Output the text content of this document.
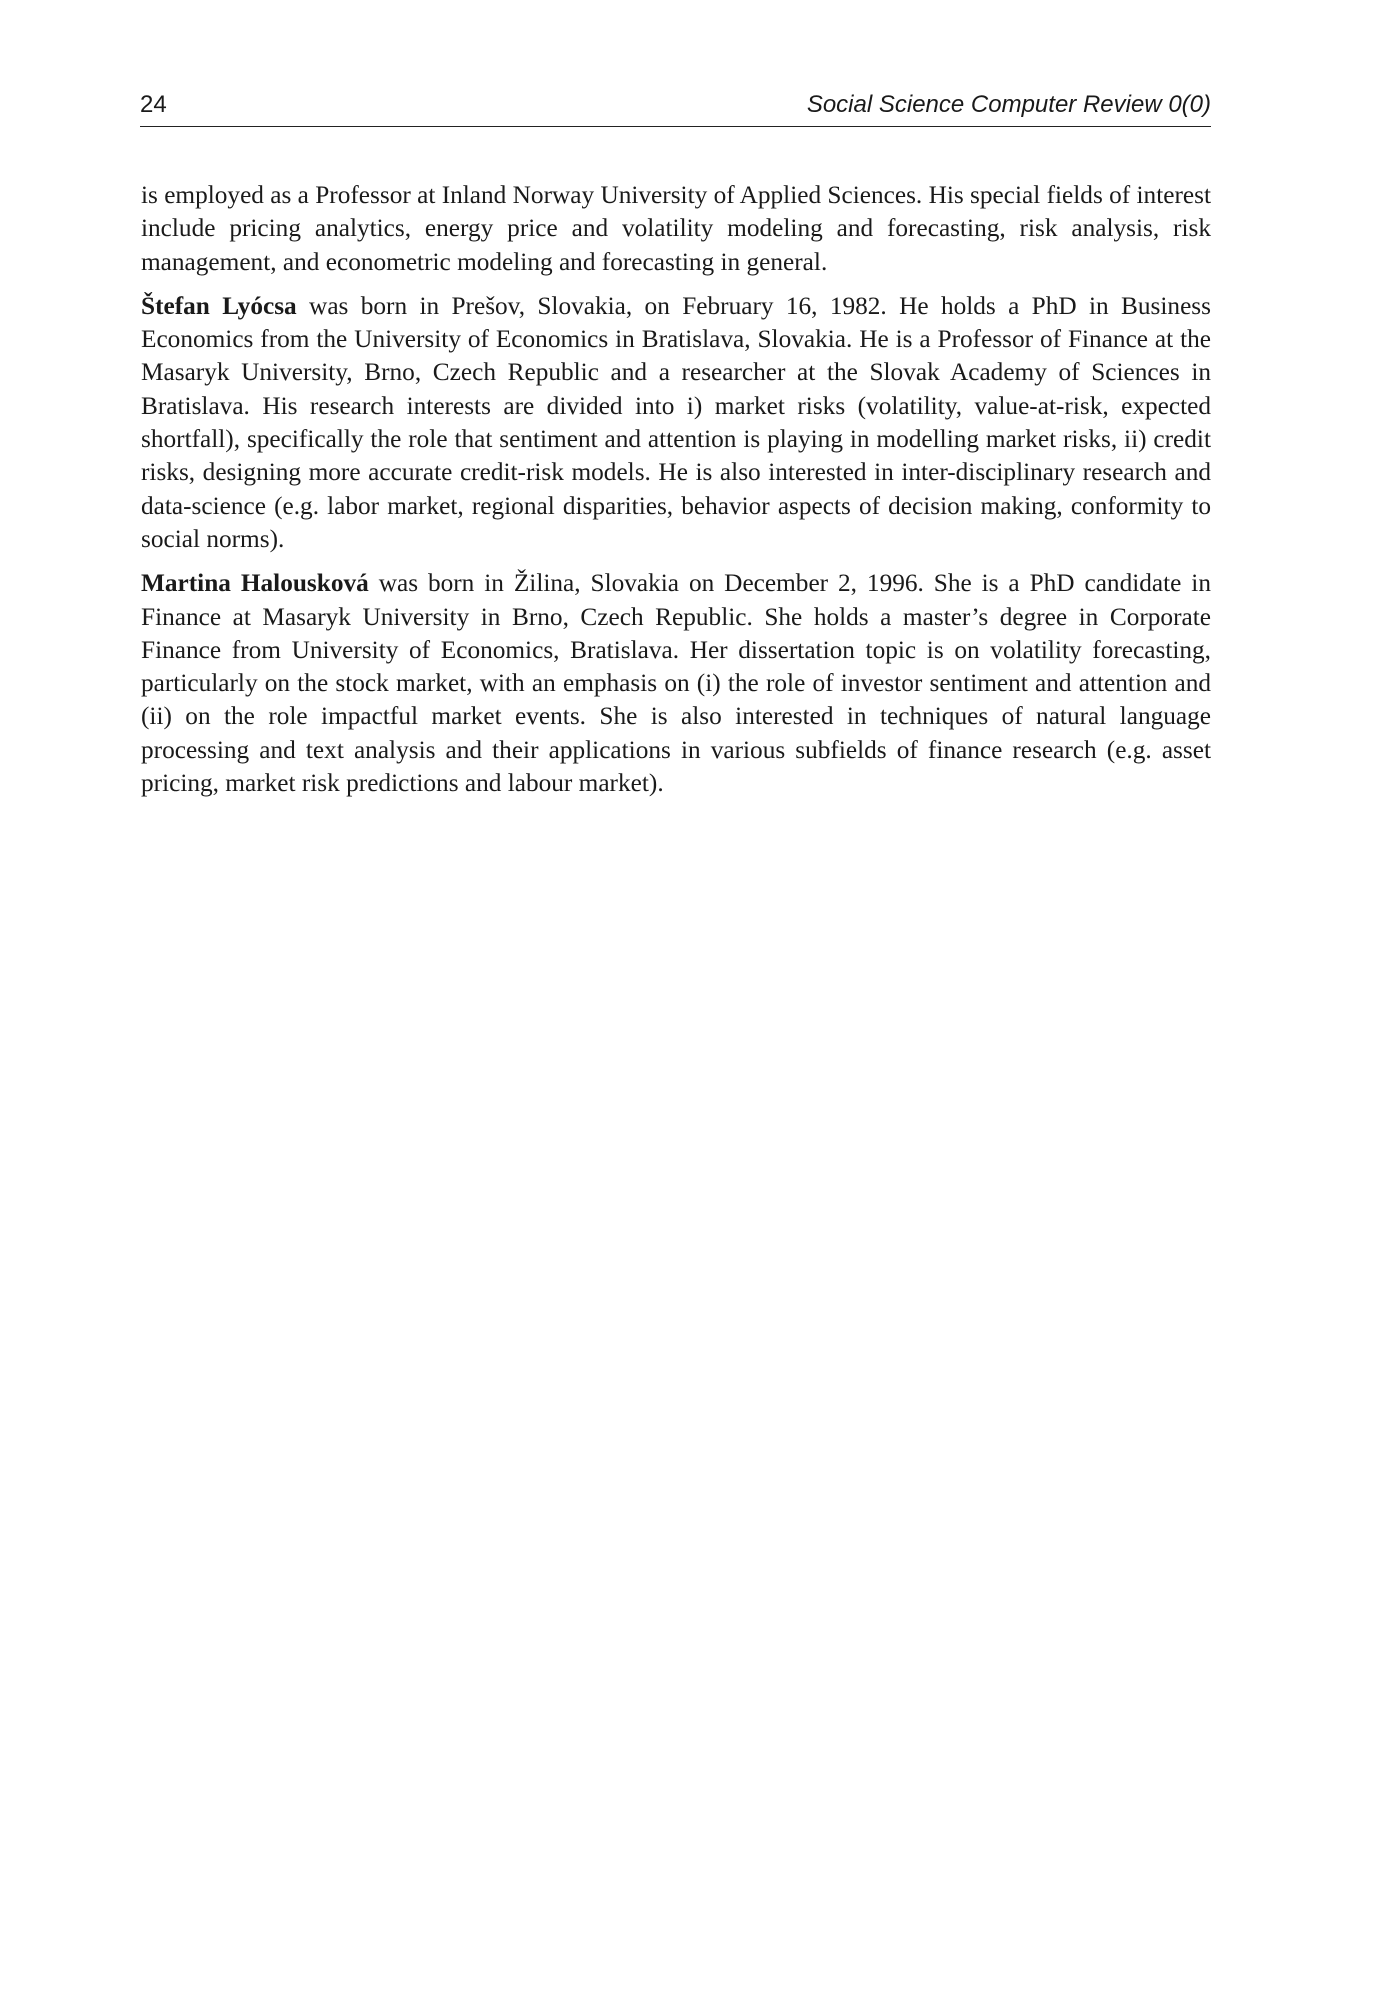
24	Social Science Computer Review 0(0)

is employed as a Professor at Inland Norway University of Applied Sciences. His special fields of interest include pricing analytics, energy price and volatility modeling and forecasting, risk analysis, risk management, and econometric modeling and forecasting in general.

Štefan Lyócsa was born in Prešov, Slovakia, on February 16, 1982. He holds a PhD in Business Economics from the University of Economics in Bratislava, Slovakia. He is a Professor of Finance at the Masaryk University, Brno, Czech Republic and a researcher at the Slovak Academy of Sciences in Bratislava. His research interests are divided into i) market risks (volatility, value-at-risk, expected shortfall), specifically the role that sentiment and attention is playing in modelling market risks, ii) credit risks, designing more accurate credit-risk models. He is also interested in inter-disciplinary research and data-science (e.g. labor market, regional disparities, behavior aspects of decision making, conformity to social norms).

Martina Halousková was born in Žilina, Slovakia on December 2, 1996. She is a PhD candidate in Finance at Masaryk University in Brno, Czech Republic. She holds a master’s degree in Corporate Finance from University of Economics, Bratislava. Her dissertation topic is on volatility forecasting, particularly on the stock market, with an emphasis on (i) the role of investor sentiment and attention and (ii) on the role impactful market events. She is also interested in techniques of natural language processing and text analysis and their applications in various subfields of finance research (e.g. asset pricing, market risk predictions and labour market).
